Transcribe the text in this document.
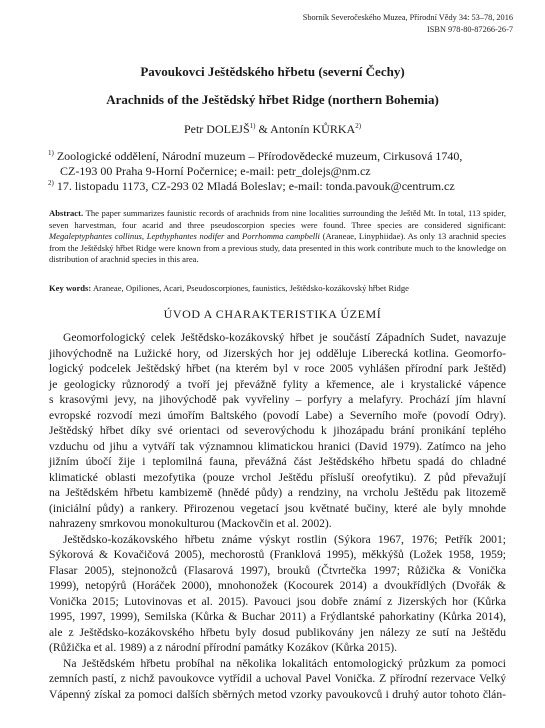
Sborník Severočeského Muzea, Přírodní Vědy 34: 53–78, 2016
ISBN 978-80-87266-26-7
Pavoukovci Ještědského hřbetu (severní Čechy)
Arachnids of the Ještědský hřbet Ridge (northern Bohemia)
Petr DOLEJŠ$^{1)}$ & Antonín KŮRKA$^{2)}$
$^{1)}$ Zoologické oddělení, Národní muzeum – Přírodovědecké muzeum, Cirkusová 1740,
CZ-193 00 Praha 9-Horní Počernice; e-mail: petr_dolejs@nm.cz
$^{2)}$ 17. listopadu 1173, CZ-293 02 Mladá Boleslav; e-mail: tonda.pavouk@centrum.cz
Abstract. The paper summarizes faunistic records of arachnids from nine localities surrounding the Ještěd Mt. In total, 113 spider, seven harvestman, four acarid and three pseudoscorpion species were found. Three species are considered significant: Megaleptyphantes collinus, Lepthyphantes nodifer and Porrhomma campbelli (Araneae, Linyphiidae). As only 13 arachnid species from the Ještědský hřbet Ridge were known from a previous study, data presented in this work contribute much to the knowledge on distribution of arachnid species in this area.
Key words: Araneae, Opiliones, Acari, Pseudoscorpiones, faunistics, Ještědsko-kozákovský hřbet Ridge
ÚVOD A CHARAKTERISTIKA ÚZEMÍ

Geomorfologický celek Ještědsko-kozákovský hřbet je součástí Západních Sudet, navazuje

jihovýchodně na Lužické hory, od Jizerských hor jej odděluje Liberecká kotlina. Geomorfo-

logický podcelek Ještědský hřbet (na kterém byl v roce 2005 vyhlášen přírodní park Ještěd)

je geologicky různorodý a tvoří jej převážně fylity a křemence, ale i krystalické vápence

s krasovými jevy, na jihovýchodě pak vyvřeliny – porfyry a melafyry. Prochází jím hlavní

evropské rozvodí mezi úmořím Baltského (povodí Labe) a Severního moře (povodí Odry).

Ještědský hřbet díky své orientaci od severovýchodu k jihozápadu brání pronikání teplého

vzduchu od jihu a vytváří tak významnou klimatickou hranici (David 1979). Zatímco na jeho

jižním úbočí žije i teplomilná fauna, převážná část Ještědského hřbetu spadá do chladné

klimatické oblasti mezofytika (pouze vrchol Ještědu přísluší oreofytiku). Z půd převažují

na Ještědském hřbetu kambizemě (hnědé půdy) a rendziny, na vrcholu Ještědu pak litozemě

(iniciální půdy) a rankery. Přirozenou vegetací jsou květnaté bučiny, které ale byly mnohde

nahrazeny smrkovou monokulturou (Mackovčin et al. 2002).

Ještědsko-kozákovského hřbetu známe výskyt rostlin (Sýkora 1967, 1976; Petřík 2001;

Sýkorová & Kovačičová 2005), mechorostů (Franklová 1995), měkkýšů (Ložek 1958, 1959;

Flasar 2005), stejnonožců (Flasarová 1997), brouků (Čtvrtečka 1997; Růžička & Vonička

1999), netopýrů (Horáček 2000), mnohonožek (Kocourek 2014) a dvoukřídlých (Dvořák &

Vonička 2015; Lutovinovas et al. 2015). Pavouci jsou dobře známí z Jizerských hor (Kůrka

1995, 1997, 1999), Semilska (Kůrka & Buchar 2011) a Frýdlantské pahorkatiny (Kůrka 2014),

ale z Ještědsko-kozákovského hřbetu byly dosud publikovány jen nálezy ze sutí na Ještědu

(Růžička et al. 1989) a z národní přírodní památky Kozákov (Kůrka 2015).

Na Ještědském hřbetu probíhal na několika lokalitách entomologický průzkum za pomoci

zemních pastí, z nichž pavoukovce vytřídil a uchoval Pavel Vonička. Z přírodní rezervace Velký

Vápenný získal za pomoci dalších sběrných metod vzorky pavoukovců i druhý autor tohoto člán-
